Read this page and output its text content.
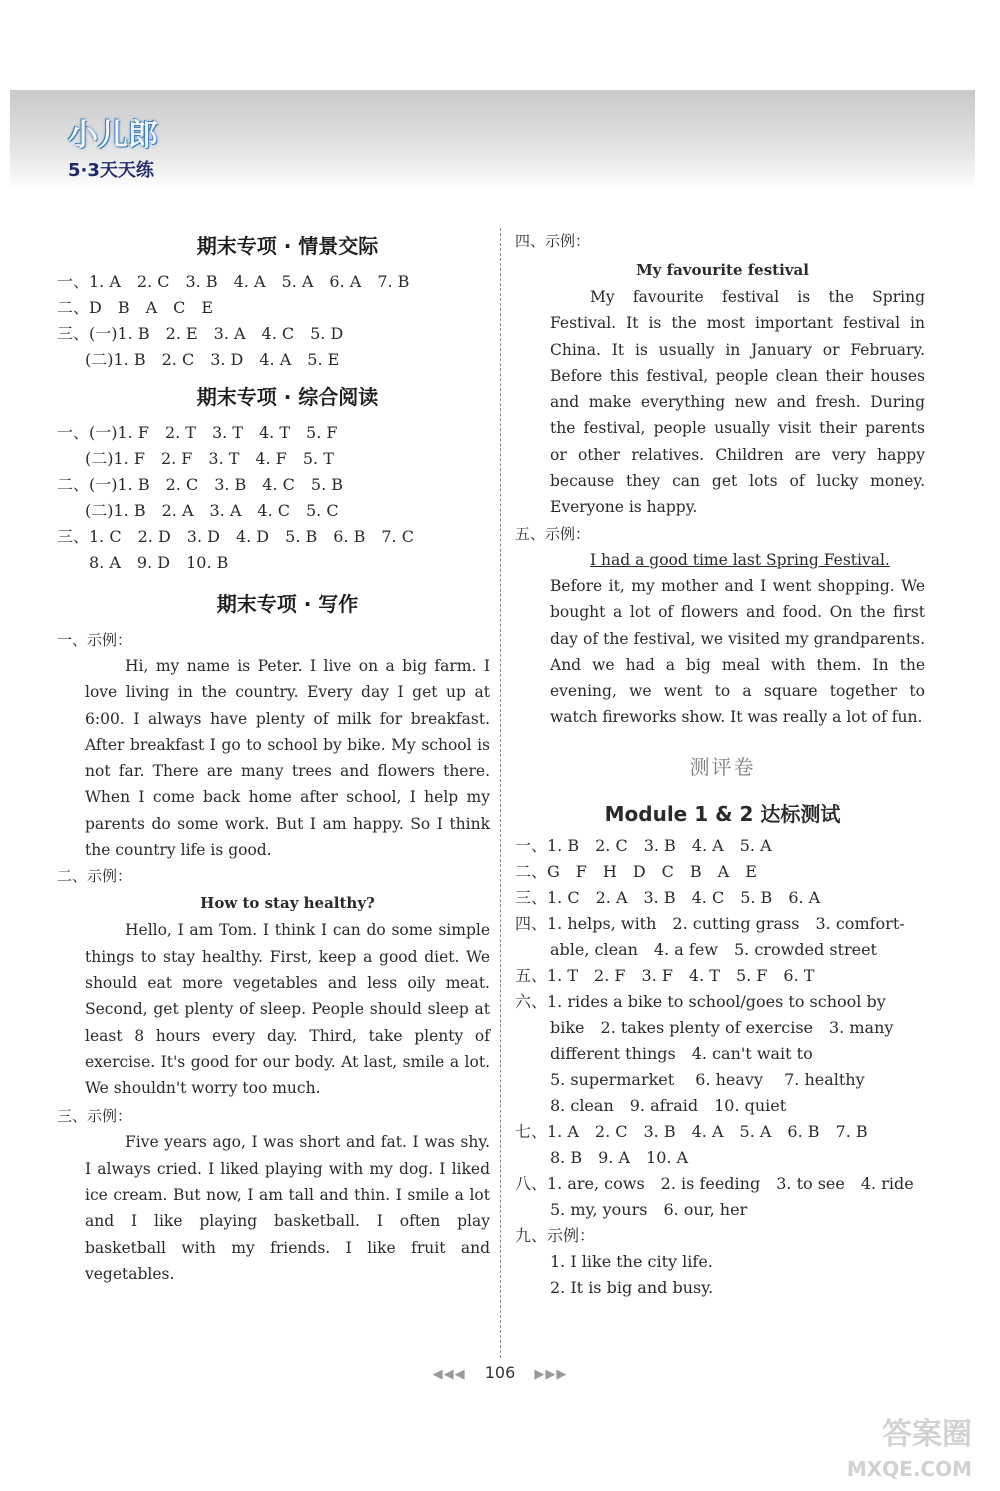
小儿郎
5·3天天练
期末专项 · 情景交际
一、1. A　2. C　3. B　4. A　5. A　6. A　7. B
二、D　B　A　C　E
三、(一)1. B　2. E　3. A　4. C　5. D
(二)1. B　2. C　3. D　4. A　5. E
期末专项 · 综合阅读
一、(一)1. F　2. T　3. T　4. T　5. F
(二)1. F　2. F　3. T　4. F　5. T
二、(一)1. B　2. C　3. B　4. C　5. B
(二)1. B　2. A　3. A　4. C　5. C
三、1. C　2. D　3. D　4. D　5. B　6. B　7. C
8. A　9. D　10. B
期末专项 · 写作
一、示例：
Hi, my name is Peter. I live on a big farm. I love living in the country. Every day I get up at 6:00. I always have plenty of milk for breakfast. After breakfast I go to school by bike. My school is not far. There are many trees and flowers there. When I come back home after school, I help my parents do some work. But I am happy. So I think the country life is good.
二、示例：
How to stay healthy?
Hello, I am Tom. I think I can do some simple things to stay healthy. First, keep a good diet. We should eat more vegetables and less oily meat. Second, get plenty of sleep. People should sleep at least 8 hours every day. Third, take plenty of exercise. It's good for our body. At last, smile a lot. We shouldn't worry too much.
三、示例：
Five years ago, I was short and fat. I was shy. I always cried. I liked playing with my dog. I liked ice cream. But now, I am tall and thin. I smile a lot and I like playing basketball. I often play basketball with my friends. I like fruit and vegetables.
四、示例：
My favourite festival
My favourite festival is the Spring Festival. It is the most important festival in China. It is usually in January or February. Before this festival, people clean their houses and make everything new and fresh. During the festival, people usually visit their parents or other relatives. Children are very happy because they can get lots of lucky money. Everyone is happy.
五、示例：
I had a good time last Spring Festival.
Before it, my mother and I went shopping. We bought a lot of flowers and food. On the first day of the festival, we visited my grandparents. And we had a big meal with them. In the evening, we went to a square together to watch fireworks show. It was really a lot of fun.
测评卷
Module 1 & 2 达标测试
一、1. B　2. C　3. B　4. A　5. A
二、G　F　H　D　C　B　A　E
三、1. C　2. A　3. B　4. C　5. B　6. A
四、1. helps, with　2. cutting grass　3. comfort-
able, clean　4. a few　5. crowded street
五、1. T　2. F　3. F　4. T　5. F　6. T
六、1. rides a bike to school/goes to school by
bike　2. takes plenty of exercise　3. many
different things　4. can't wait to
5. supermarket　 6. heavy　 7. healthy
8. clean　9. afraid　10. quiet
七、1. A　2. C　3. B　4. A　5. A　6. B　7. B
8. B　9. A　10. A
八、1. are, cows　2. is feeding　3. to see　4. ride
5. my, yours　6. our, her
九、示例：
1. I like the city life.
2. It is big and busy.
◀◀◀ 106 ▶▶▶
答案圈
MXQE.COM
